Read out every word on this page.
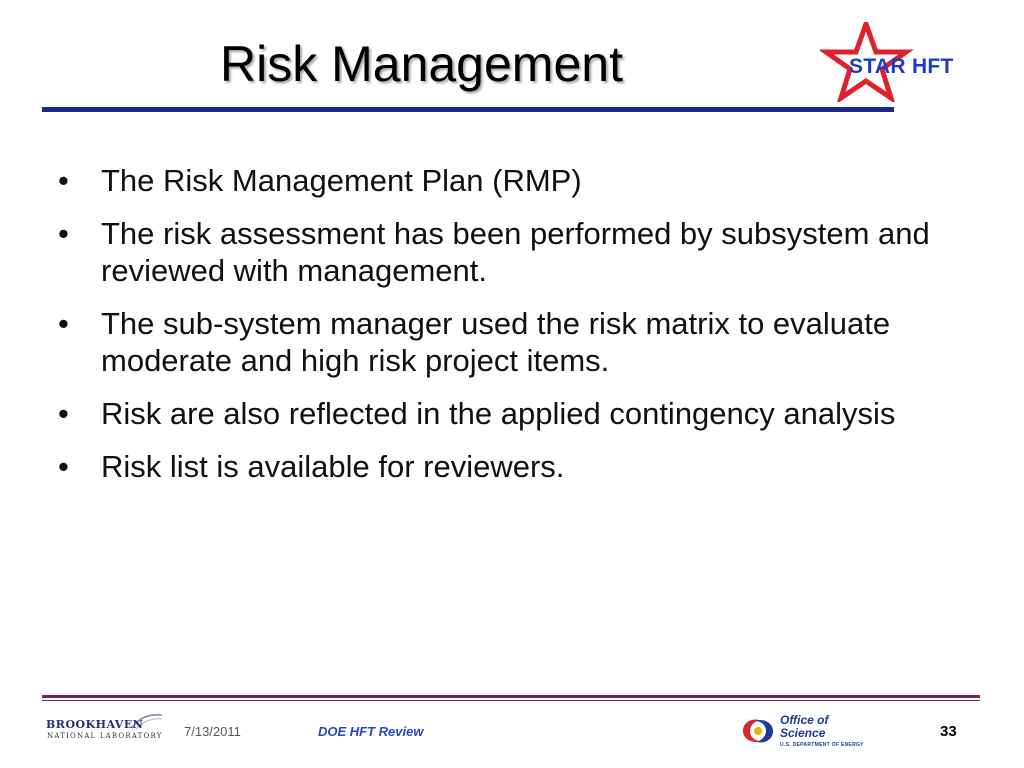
Risk Management	STAR HFT
•	The Risk Management Plan (RMP)
•	The risk assessment has been performed by subsystem and reviewed with management.
•	The sub-system manager used the risk matrix to evaluate moderate and high risk project items.
•	Risk are also reflected in the applied contingency analysis
•	Risk list is available for reviewers.
BROOKHAVEN
NATIONAL LABORATORY 7/13/2011	DOE HFT Review
Office of
Science
U.S. DEPARTMENT OF ENERGY
33
